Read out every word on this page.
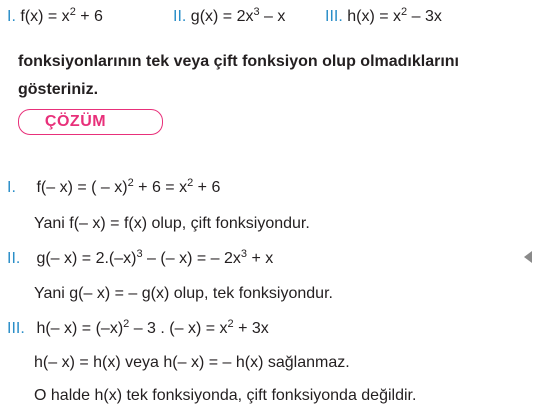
I. $f(x) = x^2 + 6$	II. $g(x) = 2x^3 - x$ III. $h(x) = x^2 - 3x$
fonksiyonlarının tek veya çift fonksiyon olup olmadıklarını
gösteriniz.
ÇÖZÜM
I. f(– x) = ( – $x)^2 + 6 = x^2 + 6$
Yani f(– x) = f(x) olup, çift fonksiyondur.
II. g(– $x) = 2.(-x)^3$ – (– x) = – $2x^3 + x$
Yani g(– x) = – g(x) olup, tek fonksiyondur.
III. h(– $x) = (-x)^2 - 3$ . (– $x) = x^2 + 3x$
h(– x) = h(x) veya h(– x) = – h(x) sağlanmaz.
O halde h(x) tek fonksiyonda, çift fonksiyonda değildir.
